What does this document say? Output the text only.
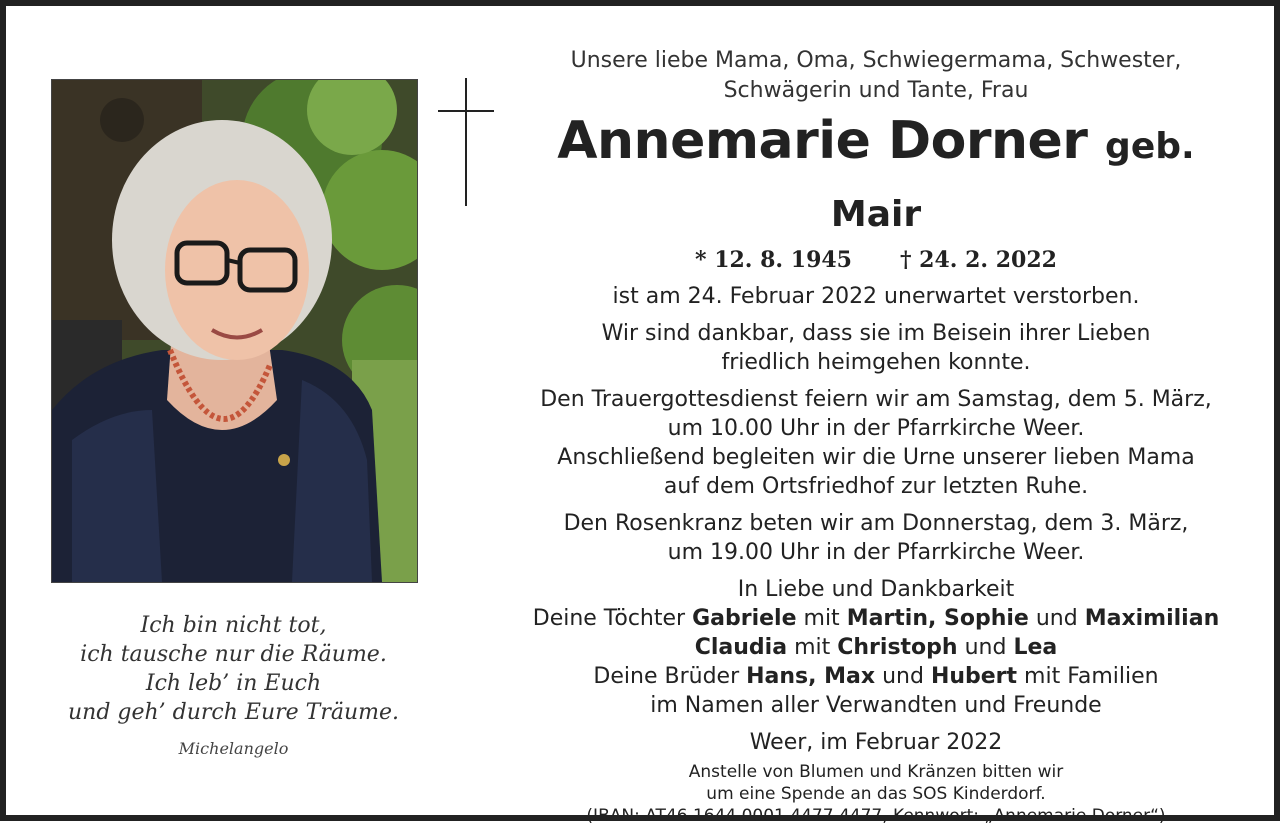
Ich bin nicht tot,
ich tausche nur die Räume.
Ich leb’ in Euch
und geh’ durch Eure Träume.
Michelangelo
Unsere liebe Mama, Oma, Schwiegermama, Schwester,
Schwägerin und Tante, Frau
Annemarie Dorner geb. Mair
* 12. 8. 1945 † 24. 2. 2022
ist am 24. Februar 2022 unerwartet verstorben.
Wir sind dankbar, dass sie im Beisein ihrer Lieben
friedlich heimgehen konnte.
Den Trauergottesdienst feiern wir am Samstag, dem 5. März,
um 10.00 Uhr in der Pfarrkirche Weer.
Anschließend begleiten wir die Urne unserer lieben Mama
auf dem Ortsfriedhof zur letzten Ruhe.
Den Rosenkranz beten wir am Donnerstag, dem 3. März,
um 19.00 Uhr in der Pfarrkirche Weer.
In Liebe und Dankbarkeit
Deine Töchter Gabriele mit Martin, Sophie und Maximilian
Claudia mit Christoph und Lea
Deine Brüder Hans, Max und Hubert mit Familien
im Namen aller Verwandten und Freunde
Weer, im Februar 2022
Anstelle von Blumen und Kränzen bitten wir
um eine Spende an das SOS Kinderdorf.
(IBAN: AT46 1644 0001 4477 4477, Kennwort: „Annemarie Dorner“)
